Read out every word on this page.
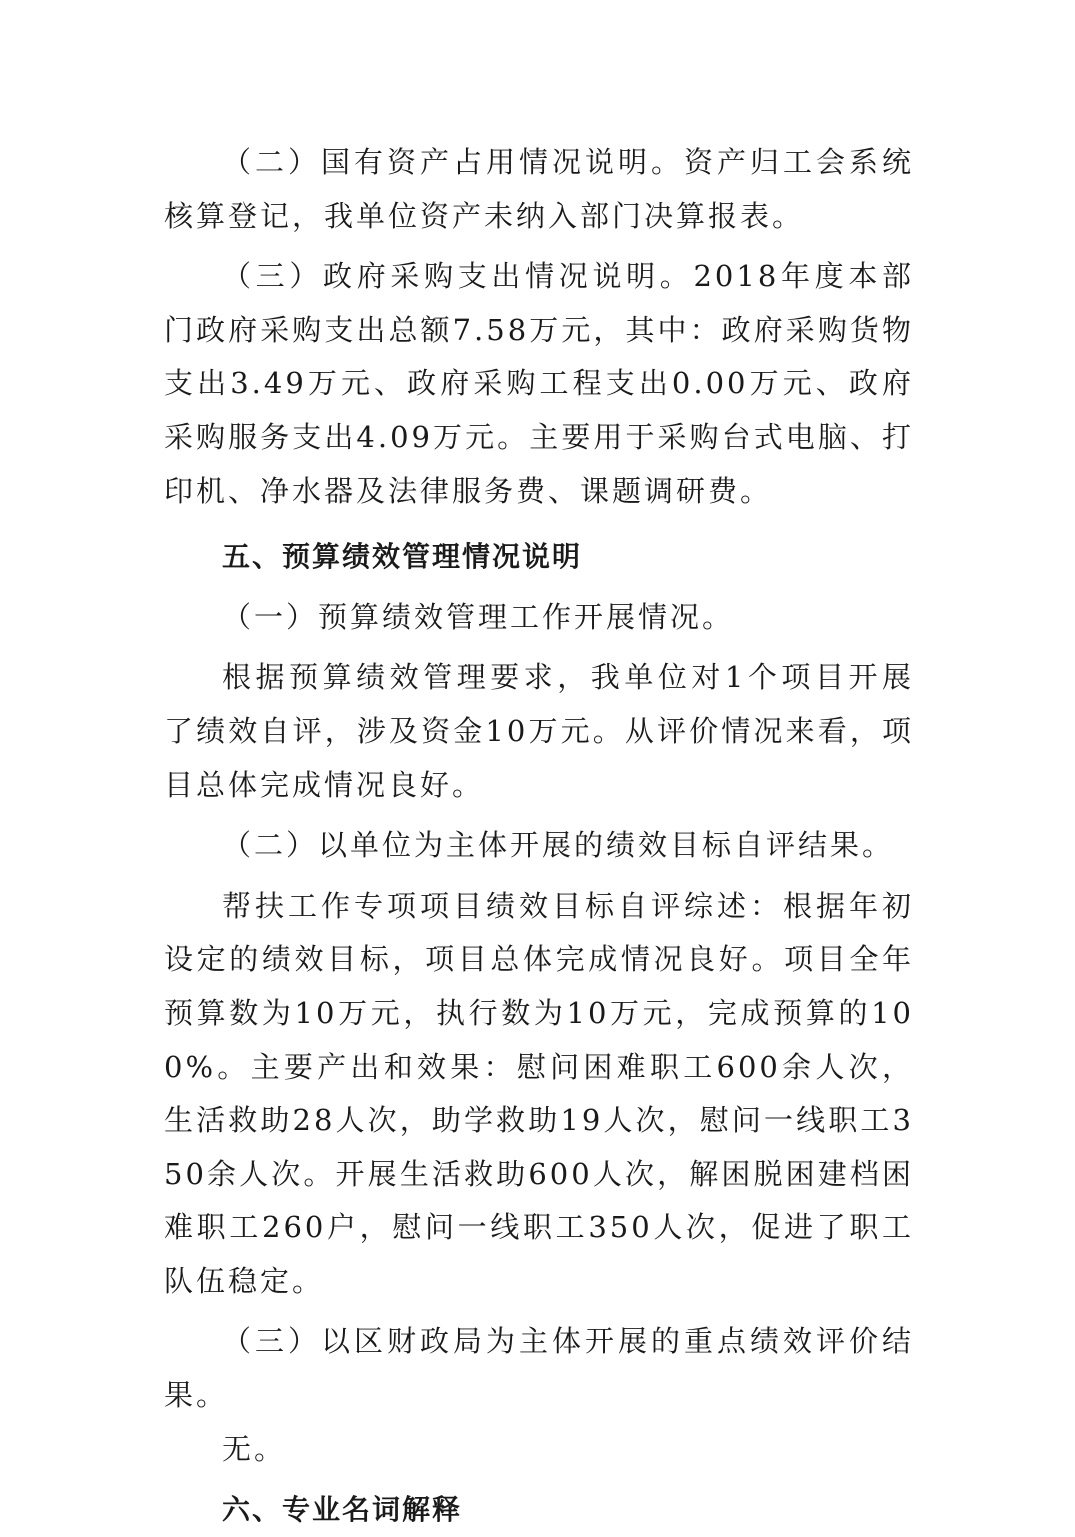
（二）国有资产占用情况说明。资产归工会系统核算登记，我单位资产未纳入部门决算报表。

（三）政府采购支出情况说明。2018年度本部门政府采购支出总额7.58万元，其中：政府采购货物支出3.49万元、政府采购工程支出0.00万元、政府采购服务支出4.09万元。主要用于采购台式电脑、打印机、净水器及法律服务费、课题调研费。

五、预算绩效管理情况说明

（一）预算绩效管理工作开展情况。

根据预算绩效管理要求，我单位对1个项目开展了绩效自评，涉及资金10万元。从评价情况来看，项目总体完成情况良好。

（二）以单位为主体开展的绩效目标自评结果。

帮扶工作专项项目绩效目标自评综述：根据年初设定的绩效目标，项目总体完成情况良好。项目全年预算数为10万元，执行数为10万元，完成预算的100%。主要产出和效果：慰问困难职工600余人次，生活救助28人次，助学救助19人次，慰问一线职工350余人次。开展生活救助600人次，解困脱困建档困难职工260户，慰问一线职工350人次，促进了职工队伍稳定。

（三）以区财政局为主体开展的重点绩效评价结果。

无。

六、专业名词解释
